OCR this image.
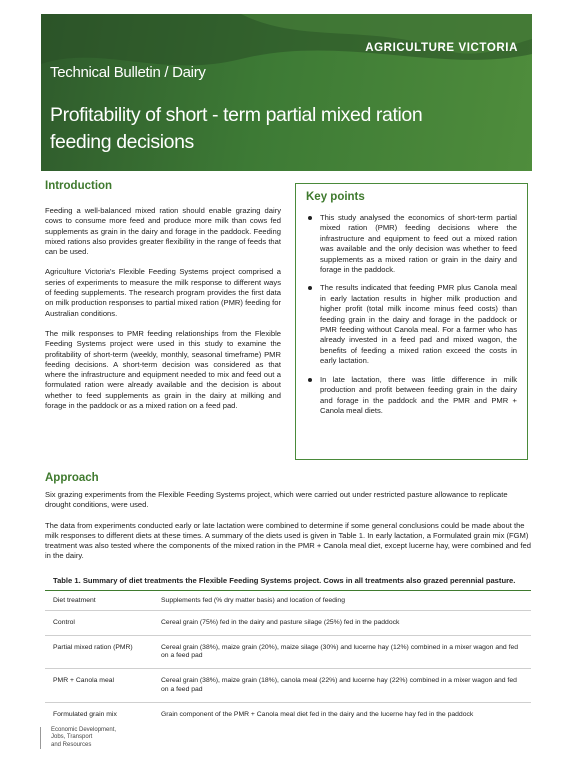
AGRICULTURE VICTORIA
Technical Bulletin / Dairy
Profitability of short - term partial mixed ration
feeding decisions
Introduction

Feeding a well-balanced mixed ration should enable grazing dairy cows to consume more feed and produce more milk than cows fed supplements as grain in the dairy and forage in the paddock. Feeding mixed rations also provides greater flexibility in the range of feeds that can be used.

Agriculture Victoria's Flexible Feeding Systems project comprised a series of experiments to measure the milk response to different ways of feeding supplements. The research program provides the first data on milk production responses to partial mixed ration (PMR) feeding for Australian conditions.

The milk responses to PMR feeding relationships from the Flexible Feeding Systems project were used in this study to examine the profitability of short-term (weekly, monthly, seasonal timeframe) PMR feeding decisions. A short-term decision was considered as that where the infrastructure and equipment needed to mix and feed out a formulated ration were already available and the decision is about whether to feed supplements as grain in the dairy at milking and forage in the paddock or as a mixed ration on a feed pad.

Key points
This study analysed the economics of short-term partial mixed ration (PMR) feeding decisions where the infrastructure and equipment to feed out a mixed ration was available and the only decision was whether to feed supplements as a mixed ration or grain in the dairy and forage in the paddock.
The results indicated that feeding PMR plus Canola meal in early lactation results in higher milk production and higher profit (total milk income minus feed costs) than feeding grain in the dairy and forage in the paddock or PMR feeding without Canola meal. For a farmer who has already invested in a feed pad and mixed wagon, the benefits of feeding a mixed ration exceed the costs in early lactation.
In late lactation, there was little difference in milk production and profit between feeding grain in the dairy and forage in the paddock and the PMR and PMR + Canola meal diets.
Approach

Six grazing experiments from the Flexible Feeding Systems project, which were carried out under restricted pasture allowance to replicate drought conditions, were used.

The data from experiments conducted early or late lactation were combined to determine if some general conclusions could be made about the milk responses to different diets at these times. A summary of the diets used is given in Table 1. In early lactation, a Formulated grain mix (FGM) treatment was also tested where the components of the mixed ration in the PMR + Canola meal diet, except lucerne hay, were combined and fed in the dairy.

Table 1. Summary of diet treatments the Flexible Feeding Systems project. Cows in all treatments also grazed perennial pasture.
Diet treatment	Supplements fed (% dry matter basis) and location of feeding
Control	Cereal grain (75%) fed in the dairy and pasture silage (25%) fed in the paddock
Partial mixed ration (PMR)	Cereal grain (38%), maize grain (20%), maize silage (30%) and lucerne hay (12%) combined in a mixer wagon and fed on a feed pad
PMR + Canola meal	Cereal grain (38%), maize grain (18%), canola meal (22%) and lucerne hay (22%) combined in a mixer wagon and fed on a feed pad
Formulated grain mix	Grain component of the PMR + Canola meal diet fed in the dairy and the lucerne hay fed in the paddock
Economic Development,
Jobs, Transport
and Resources
